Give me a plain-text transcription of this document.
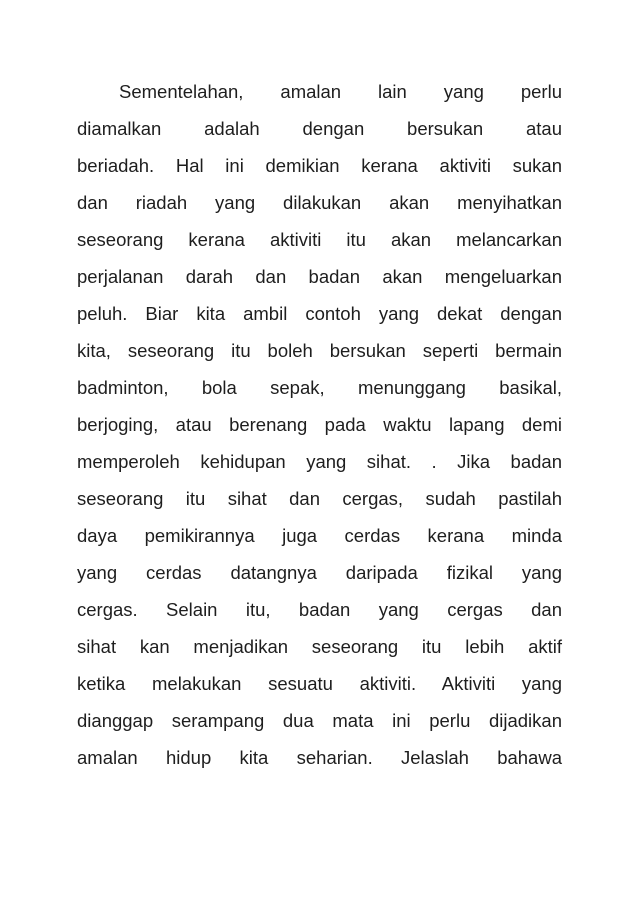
Sementelahan, amalan lain yang perlu
diamalkan adalah dengan bersukan atau
beriadah. Hal ini demikian kerana aktiviti sukan
dan riadah yang dilakukan akan menyihatkan
seseorang kerana aktiviti itu akan melancarkan
perjalanan darah dan badan akan mengeluarkan
peluh. Biar kita ambil contoh yang dekat dengan
kita, seseorang itu boleh bersukan seperti bermain
badminton, bola sepak, menunggang basikal,
berjoging, atau berenang pada waktu lapang demi
memperoleh kehidupan yang sihat. . Jika badan
seseorang itu sihat dan cergas, sudah pastilah
daya pemikirannya juga cerdas kerana minda
yang cerdas datangnya daripada fizikal yang
cergas. Selain itu, badan yang cergas dan
sihat kan menjadikan seseorang itu lebih aktif
ketika melakukan sesuatu aktiviti. Aktiviti yang
dianggap serampang dua mata ini perlu dijadikan
amalan hidup kita seharian. Jelaslah bahawa
